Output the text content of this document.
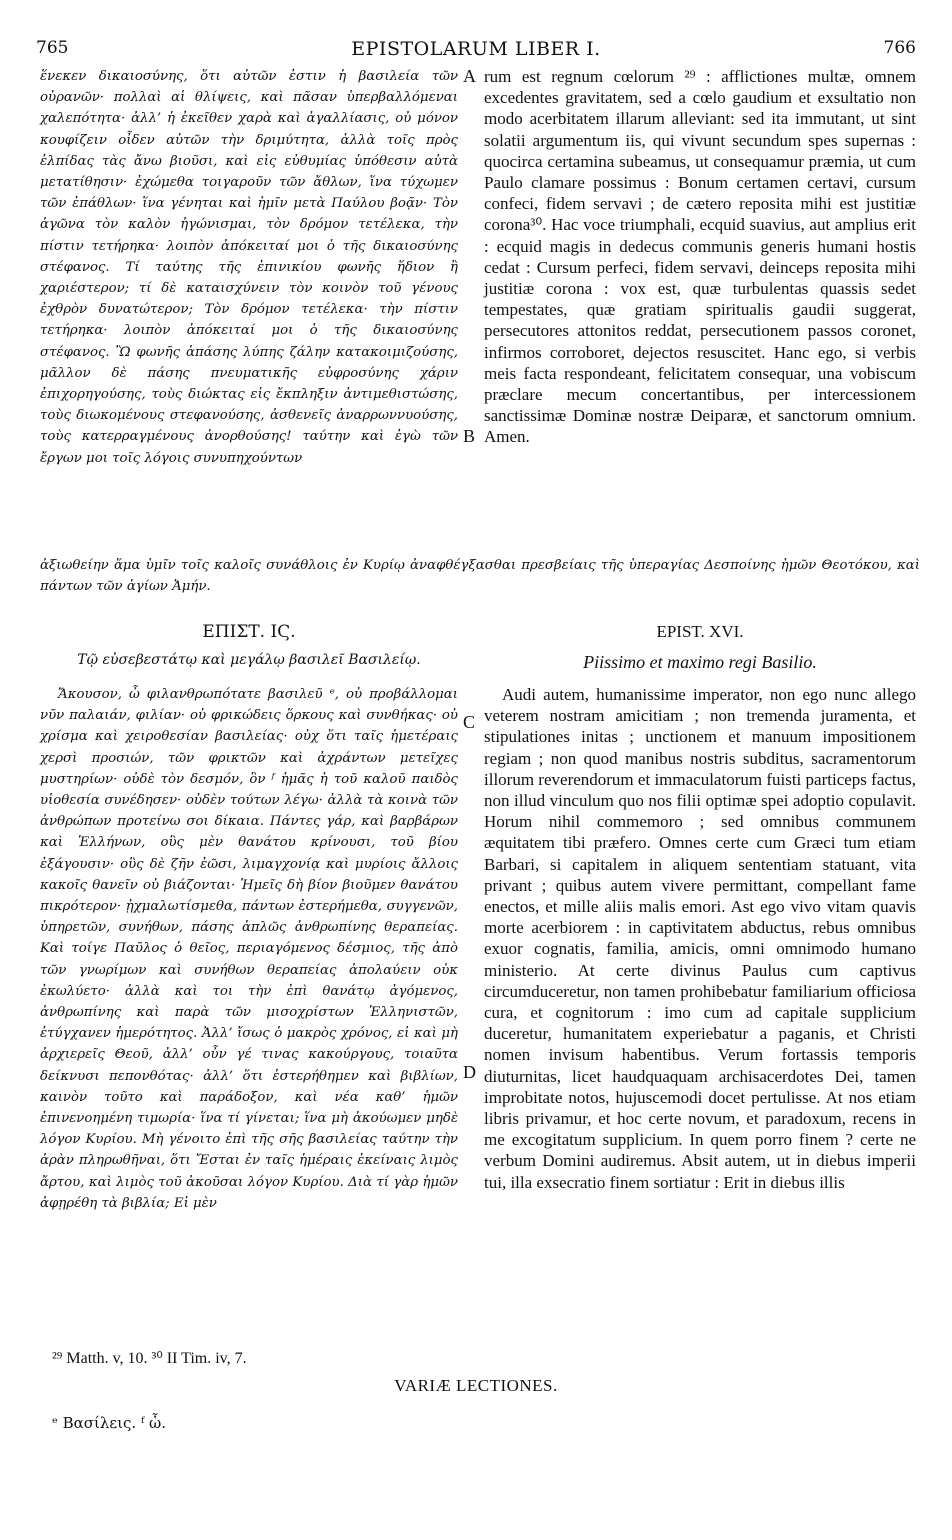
765	EPISTOLARUM LIBER I.	766

ἕνεκεν δικαιοσύνης, ὅτι αὐτῶν ἐστιν ἡ βασιλεία τῶν οὐρανῶν· πολλαὶ αἱ θλίψεις, καὶ πᾶσαν ὑπερβαλλόμεναι χαλεπότητα· ἀλλ’ ἡ ἐκεῖθεν χαρὰ καὶ ἀγαλλίασις, οὐ μόνον κουφίζειν οἶδεν αὐτῶν τὴν δριμύτητα, ἀλλὰ τοῖς πρὸς ἐλπίδας τὰς ἄνω βιοῦσι, καὶ εἰς εὐθυμίας ὑπόθεσιν αὐτὰ μετατίθησιν· ἐχώμεθα τοιγαροῦν τῶν ἄθλων, ἵνα τύχωμεν τῶν ἐπάθλων· ἵνα γένηται καὶ ἡμῖν μετὰ Παύλου βοᾷν· Τὸν ἀγῶνα τὸν καλὸν ἠγώνισμαι, τὸν δρόμον τετέλεκα, τὴν πίστιν τετήρηκα· λοιπὸν ἀπόκειταί μοι ὁ τῆς δικαιοσύνης στέφανος. Τί ταύτης τῆς ἐπινικίου φωνῆς ἥδιον ἢ χαριέστερον; τί δὲ καταισχύνειν τὸν κοινὸν τοῦ γένους ἐχθρὸν δυνατώτερον; Τὸν δρόμον τετέλεκα· τὴν πίστιν τετήρηκα· λοιπὸν ἀπόκειταί μοι ὁ τῆς δικαιοσύνης στέφανος. Ὢ φωνῆς ἁπάσης λύπης ζάλην κατακοιμιζούσης, μᾶλλον δὲ πάσης πνευματικῆς εὐφροσύνης χάριν ἐπιχορηγούσης, τοὺς διώκτας εἰς ἔκπληξιν ἀντιμεθιστώσης, τοὺς διωκομένους στεφανούσης, ἀσθενεῖς ἀναρρωννυούσης, τοὺς κατερραγμένους ἀνορθούσης! ταύτην καὶ ἐγὼ τῶν ἔργων μοι τοῖς λόγοις συνυπηχούντων

rum est regnum cœlorum ²⁹ : afflictiones multæ, omnem excedentes gravitatem, sed a cœlo gaudium et exsultatio non modo acerbitatem illarum alleviant: sed ita immutant, ut sint solatii argumentum iis, qui vivunt secundum spes supernas : quocirca certamina subeamus, ut consequamur præmia, ut cum Paulo clamare possimus : Bonum certamen certavi, cursum confeci, fidem servavi ; de cætero reposita mihi est justitiæ corona³⁰. Hac voce triumphali, ecquid suavius, aut amplius erit : ecquid magis in dedecus communis generis humani hostis cedat : Cursum perfeci, fidem servavi, deinceps reposita mihi justitiæ corona : vox est, quæ turbulentas quassis sedet tempestates, quæ gratiam spiritualis gaudii suggerat, persecutores attonitos reddat, persecutionem passos coronet, infirmos corroboret, dejectos resuscitet. Hanc ego, si verbis meis facta respondeant, felicitatem consequar, una vobiscum præclare mecum concertantibus, per intercessionem sanctissimæ Dominæ nostræ Deiparæ, et sanctorum omnium. Amen.

ἀξιωθείην ἅμα ὑμῖν τοῖς καλοῖς συνάθλοις ἐν Κυρίῳ ἀναφθέγξασθαι πρεσβείαις τῆς ὑπεραγίας Δεσποίνης ἡμῶν Θεοτόκου, καὶ πάντων τῶν ἁγίων Ἀμήν.

A
B
C
D
ΕΠΙΣΤ. ΙϚ.	EPIST. XVI.
Τῷ εὐσεβεστάτῳ καὶ μεγάλῳ βασιλεῖ Βασιλείῳ.	Piissimo et maximo regi Basilio.

Ἄκουσον, ὦ φιλανθρωπότατε βασιλεῦ ᵉ, οὐ προβάλλομαι νῦν παλαιάν, φιλίαν· οὐ φρικώδεις ὅρκους καὶ συνθήκας· οὐ χρίσμα καὶ χειροθεσίαν βασιλείας· οὐχ ὅτι ταῖς ἡμετέραις χερσὶ προσιών, τῶν φρικτῶν καὶ ἀχράντων μετεῖχες μυστηρίων· οὐδὲ τὸν δεσμόν, ὃν ᶠ ἡμᾶς ἡ τοῦ καλοῦ παιδὸς υἱοθεσία συνέδησεν· οὐδὲν τούτων λέγω· ἀλλὰ τὰ κοινὰ τῶν ἀνθρώπων προτείνω σοι δίκαια. Πάντες γάρ, καὶ βαρβάρων καὶ Ἑλλήνων, οὓς μὲν θανάτου κρίνουσι, τοῦ βίου ἐξάγουσιν· οὓς δὲ ζῆν ἐῶσι, λιμαγχονίᾳ καὶ μυρίοις ἄλλοις κακοῖς θανεῖν οὐ βιάζονται· Ἡμεῖς δὴ βίον βιοῦμεν θανάτου πικρότερον· ᾐχμαλωτίσμεθα, πάντων ἐστερήμεθα, συγγενῶν, ὑπηρετῶν, συνήθων, πάσης ἁπλῶς ἀνθρωπίνης θεραπείας. Καὶ τοίγε Παῦλος ὁ θεῖος, περιαγόμενος δέσμιος, τῆς ἀπὸ τῶν γνωρίμων καὶ συνήθων θεραπείας ἀπολαύειν οὐκ ἐκωλύετο· ἀλλὰ καὶ τοι τὴν ἐπὶ θανάτῳ ἀγόμενος, ἀνθρωπίνης καὶ παρὰ τῶν μισοχρίστων Ἑλληνιστῶν, ἐτύγχανεν ἡμερότητος. Ἀλλ’ ἴσως ὁ μακρὸς χρόνος, εἰ καὶ μὴ ἀρχιερεῖς Θεοῦ, ἀλλ’ οὖν γέ τινας κακούργους, τοιαῦτα δείκνυσι πεπονθότας· ἀλλ’ ὅτι ἐστερήθημεν καὶ βιβλίων, καινὸν τοῦτο καὶ παράδοξον, καὶ νέα καθ’ ἡμῶν ἐπινενοημένη τιμωρία· ἵνα τί γίνεται; ἵνα μὴ ἀκούωμεν μηδὲ λόγον Κυρίου. Μὴ γένοιτο ἐπὶ τῆς σῆς βασιλείας ταύτην τὴν ἀρὰν πληρωθῆναι, ὅτι Ἔσται ἐν ταῖς ἡμέραις ἐκείναις λιμὸς ἄρτου, καὶ λιμὸς τοῦ ἀκοῦσαι λόγον Κυρίου. Διὰ τί γὰρ ἡμῶν ἀφῃρέθη τὰ βιβλία; Εἰ μὲν

Audi autem, humanissime imperator, non ego nunc allego veterem nostram amicitiam ; non tremenda juramenta, et stipulationes initas ; unctionem et manuum impositionem regiam ; non quod manibus nostris subditus, sacramentorum illorum reverendorum et immaculatorum fuisti particeps factus, non illud vinculum quo nos filii optimæ spei adoptio copulavit. Horum nihil commemoro ; sed omnibus communem æquitatem tibi præfero. Omnes certe cum Græci tum etiam Barbari, si capitalem in aliquem sententiam statuant, vita privant ; quibus autem vivere permittant, compellant fame enectos, et mille aliis malis emori. Ast ego vivo vitam quavis morte acerbiorem : in captivitatem abductus, rebus omnibus exuor cognatis, familia, amicis, omni omnimodo humano ministerio. At certe divinus Paulus cum captivus circumduceretur, non tamen prohibebatur familiarium officiosa cura, et cognitorum : imo cum ad capitale supplicium duceretur, humanitatem experiebatur a paganis, et Christi nomen invisum habentibus. Verum fortassis temporis diuturnitas, licet haudquaquam archisacerdotes Dei, tamen improbitate notos, hujuscemodi docet pertulisse. At nos etiam libris privamur, et hoc certe novum, et paradoxum, recens in me excogitatum supplicium. In quem porro finem ? certe ne verbum Domini audiremus. Absit autem, ut in diebus imperii tui, illa exsecratio finem sortiatur : Erit in diebus illis

²⁹ Matth. v, 10. ³⁰ II Tim. iv, 7.
VARIÆ LECTIONES.
ᵉ Βασίλεις. ᶠ ὧ.
